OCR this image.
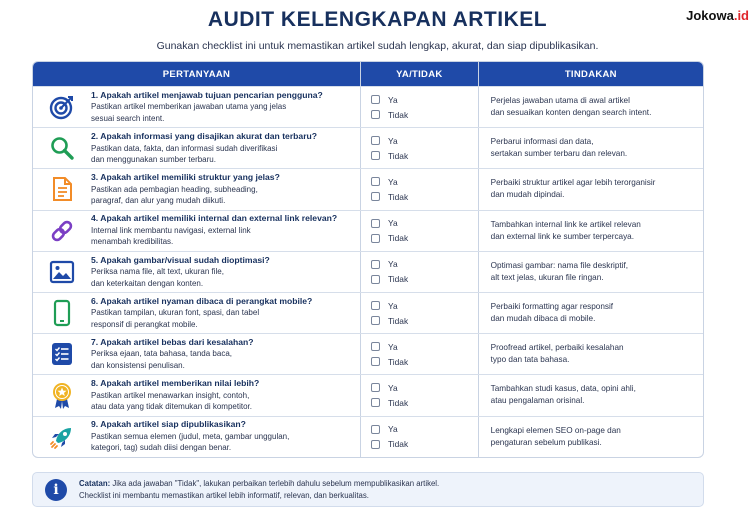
Jokowa.id
AUDIT KELENGKAPAN ARTIKEL
Gunakan checklist ini untuk memastikan artikel sudah lengkap, akurat, dan siap dipublikasikan.
PERTANYAAN	YA/TIDAK	TINDAKAN
1. Apakah artikel menjawab tujuan pencarian pengguna?
Pastikan artikel memberikan jawaban utama yang jelas
sesuai search intent.
Ya
Tidak
Perjelas jawaban utama di awal artikel
dan sesuaikan konten dengan search intent.
2. Apakah informasi yang disajikan akurat dan terbaru?
Pastikan data, fakta, dan informasi sudah diverifikasi
dan menggunakan sumber terbaru.
Ya
Tidak
Perbarui informasi dan data,
sertakan sumber terbaru dan relevan.
3. Apakah artikel memiliki struktur yang jelas?
Pastikan ada pembagian heading, subheading,
paragraf, dan alur yang mudah diikuti.
Ya
Tidak
Perbaiki struktur artikel agar lebih terorganisir
dan mudah dipindai.
4. Apakah artikel memiliki internal dan external link relevan?
Internal link membantu navigasi, external link
menambah kredibilitas.
Ya
Tidak
Tambahkan internal link ke artikel relevan
dan external link ke sumber terpercaya.
5. Apakah gambar/visual sudah dioptimasi?
Periksa nama file, alt text, ukuran file,
dan keterkaitan dengan konten.
Ya
Tidak
Optimasi gambar: nama file deskriptif,
alt text jelas, ukuran file ringan.
6. Apakah artikel nyaman dibaca di perangkat mobile?
Pastikan tampilan, ukuran font, spasi, dan tabel
responsif di perangkat mobile.
Ya
Tidak
Perbaiki formatting agar responsif
dan mudah dibaca di mobile.
7. Apakah artikel bebas dari kesalahan?
Periksa ejaan, tata bahasa, tanda baca,
dan konsistensi penulisan.
Ya
Tidak
Proofread artikel, perbaiki kesalahan
typo dan tata bahasa.
8. Apakah artikel memberikan nilai lebih?
Pastikan artikel menawarkan insight, contoh,
atau data yang tidak ditemukan di kompetitor.
Ya
Tidak
Tambahkan studi kasus, data, opini ahli,
atau pengalaman orisinal.
9. Apakah artikel siap dipublikasikan?
Pastikan semua elemen (judul, meta, gambar unggulan,
kategori, tag) sudah diisi dengan benar.
Ya
Tidak
Lengkapi elemen SEO on-page dan
pengaturan sebelum publikasi.
i	Catatan: Jika ada jawaban "Tidak", lakukan perbaikan terlebih dahulu sebelum mempublikasikan artikel.
Checklist ini membantu memastikan artikel lebih informatif, relevan, dan berkualitas.
